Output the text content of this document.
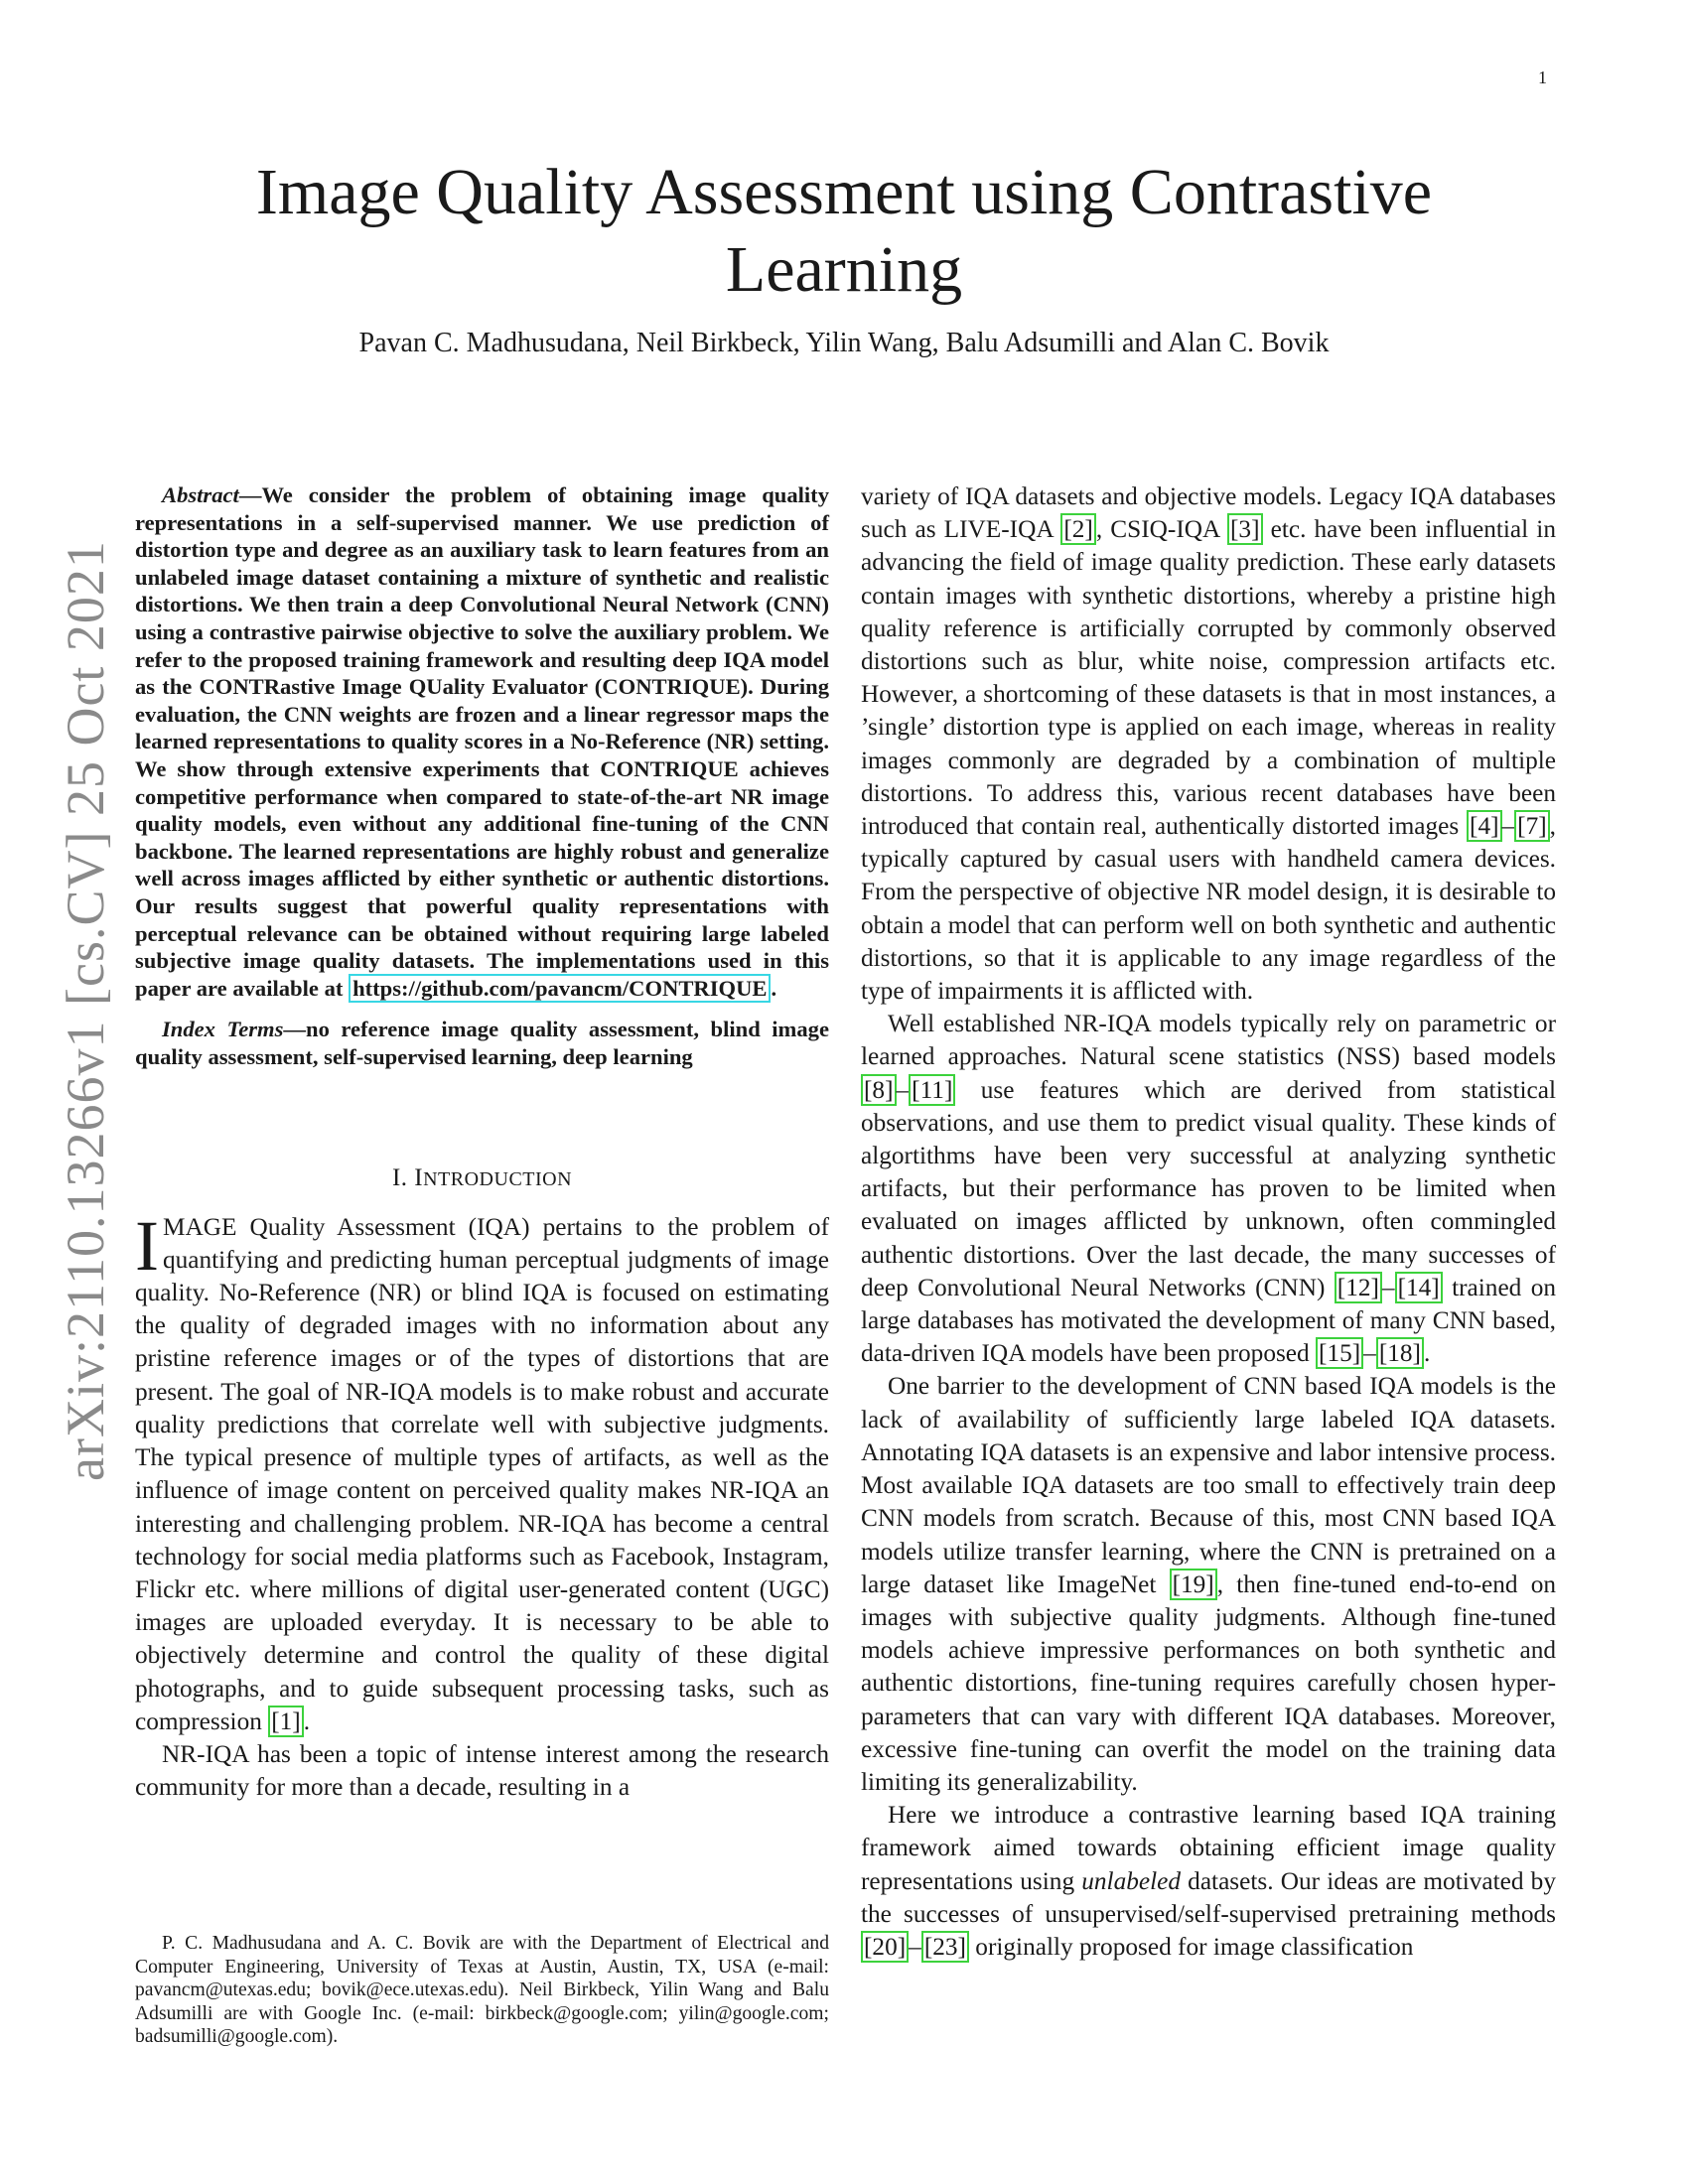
1
arXiv:2110.13266v1 [cs.CV] 25 Oct 2021
Image Quality Assessment using Contrastive Learning
Pavan C. Madhusudana, Neil Birkbeck, Yilin Wang, Balu Adsumilli and Alan C. Bovik

Abstract—We consider the problem of obtaining image quality representations in a self-supervised manner. We use prediction of distortion type and degree as an auxiliary task to learn features from an unlabeled image dataset containing a mixture of synthetic and realistic distortions. We then train a deep Convolutional Neural Network (CNN) using a contrastive pairwise objective to solve the auxiliary problem. We refer to the proposed training framework and resulting deep IQA model as the CONTRastive Image QUality Evaluator (CONTRIQUE). During evaluation, the CNN weights are frozen and a linear regressor maps the learned representations to quality scores in a No-Reference (NR) setting. We show through extensive experiments that CONTRIQUE achieves competitive performance when compared to state-of-the-art NR image quality models, even without any additional fine-tuning of the CNN backbone. The learned representations are highly robust and generalize well across images afflicted by either synthetic or authentic distortions. Our results suggest that powerful quality representations with perceptual relevance can be obtained without requiring large labeled subjective image quality datasets. The implementations used in this paper are available at https://github.com/pavancm/CONTRIQUE .

Index Terms—no reference image quality assessment, blind image quality assessment, self-supervised learning, deep learning

I. INTRODUCTION

IMAGE Quality Assessment (IQA) pertains to the problem of quantifying and predicting human perceptual judgments of image quality. No-Reference (NR) or blind IQA is focused on estimating the quality of degraded images with no information about any pristine reference images or of the types of distortions that are present. The goal of NR-IQA models is to make robust and accurate quality predictions that correlate well with subjective judgments. The typical presence of multiple types of artifacts, as well as the influence of image content on perceived quality makes NR-IQA an interesting and challenging problem. NR-IQA has become a central technology for social media platforms such as Facebook, Instagram, Flickr etc. where millions of digital user-generated content (UGC) images are uploaded everyday. It is necessary to be able to objectively determine and control the quality of these digital photographs, and to guide subsequent processing tasks, such as compression [1] .

NR-IQA has been a topic of intense interest among the research community for more than a decade, resulting in a

P. C. Madhusudana and A. C. Bovik are with the Department of Electrical and Computer Engineering, University of Texas at Austin, Austin, TX, USA (e-mail: pavancm@utexas.edu; bovik@ece.utexas.edu). Neil Birkbeck, Yilin Wang and Balu Adsumilli are with Google Inc. (e-mail: birkbeck@google.com; yilin@google.com; badsumilli@google.com).

variety of IQA datasets and objective models. Legacy IQA databases such as LIVE-IQA [2] , CSIQ-IQA [3] etc. have been influential in advancing the field of image quality prediction. These early datasets contain images with synthetic distortions, whereby a pristine high quality reference is artificially corrupted by commonly observed distortions such as blur, white noise, compression artifacts etc. However, a shortcoming of these datasets is that in most instances, a ’single’ distortion type is applied on each image, whereas in reality images commonly are degraded by a combination of multiple distortions. To address this, various recent databases have been introduced that contain real, authentically distorted images [4] – [7] , typically captured by casual users with handheld camera devices. From the perspective of objective NR model design, it is desirable to obtain a model that can perform well on both synthetic and authentic distortions, so that it is applicable to any image regardless of the type of impairments it is afflicted with.

Well established NR-IQA models typically rely on parametric or learned approaches. Natural scene statistics (NSS) based models [8] – [11] use features which are derived from statistical observations, and use them to predict visual quality. These kinds of algortithms have been very successful at analyzing synthetic artifacts, but their performance has proven to be limited when evaluated on images afflicted by unknown, often commingled authentic distortions. Over the last decade, the many successes of deep Convolutional Neural Networks (CNN) [12] – [14] trained on large databases has motivated the development of many CNN based, data-driven IQA models have been proposed [15] – [18] .

One barrier to the development of CNN based IQA models is the lack of availability of sufficiently large labeled IQA datasets. Annotating IQA datasets is an expensive and labor intensive process. Most available IQA datasets are too small to effectively train deep CNN models from scratch. Because of this, most CNN based IQA models utilize transfer learning, where the CNN is pretrained on a large dataset like ImageNet [19] , then fine-tuned end-to-end on images with subjective quality judgments. Although fine-tuned models achieve impressive performances on both synthetic and authentic distortions, fine-tuning requires carefully chosen hyper-parameters that can vary with different IQA databases. Moreover, excessive fine-tuning can overfit the model on the training data limiting its generalizability.

Here we introduce a contrastive learning based IQA training framework aimed towards obtaining efficient image quality representations using unlabeled datasets. Our ideas are motivated by the successes of unsupervised/self-supervised pretraining methods [20] – [23] originally proposed for image classification
